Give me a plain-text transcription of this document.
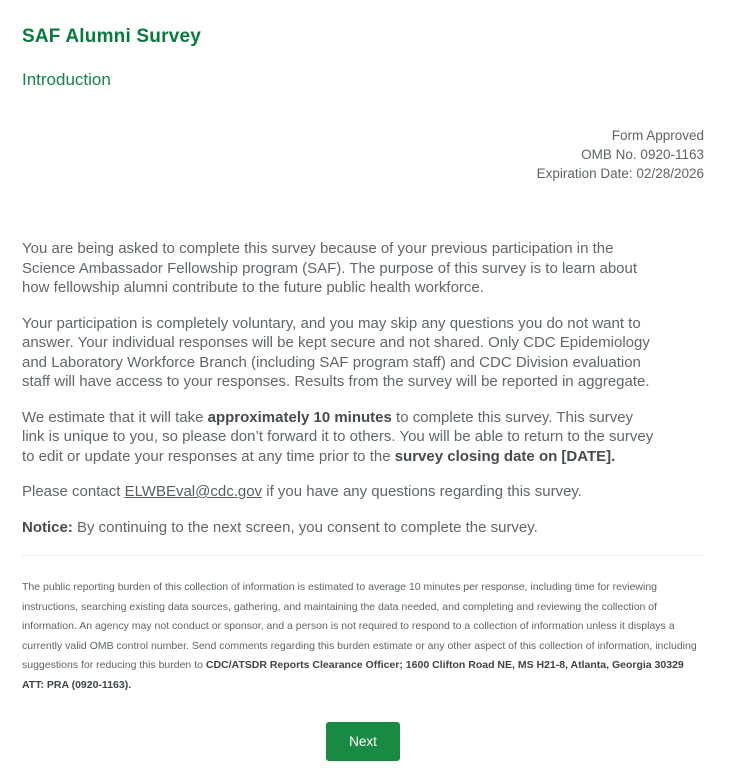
SAF Alumni Survey
Introduction
Form Approved
OMB No. 0920-1163
Expiration Date: 02/28/2026

You are being asked to complete this survey because of your previous participation in the Science Ambassador Fellowship program (SAF). The purpose of this survey is to learn about how fellowship alumni contribute to the future public health workforce.

Your participation is completely voluntary, and you may skip any questions you do not want to answer. Your individual responses will be kept secure and not shared. Only CDC Epidemiology and Laboratory Workforce Branch (including SAF program staff) and CDC Division evaluation staff will have access to your responses. Results from the survey will be reported in aggregate.

We estimate that it will take approximately 10 minutes to complete this survey. This survey link is unique to you, so please don’t forward it to others. You will be able to return to the survey to edit or update your responses at any time prior to the survey closing date on [DATE].

Please contact ELWBEval@cdc.gov if you have any questions regarding this survey.

Notice: By continuing to the next screen, you consent to complete the survey.

The public reporting burden of this collection of information is estimated to average 10 minutes per response, including time for reviewing instructions, searching existing data sources, gathering, and maintaining the data needed, and completing and reviewing the collection of information. An agency may not conduct or sponsor, and a person is not required to respond to a collection of information unless it displays a currently valid OMB control number. Send comments regarding this burden estimate or any other aspect of this collection of information, including suggestions for reducing this burden to CDC/ATSDR Reports Clearance Officer; 1600 Clifton Road NE, MS H21-8, Atlanta, Georgia 30329 ATT: PRA (0920-1163).

Next
